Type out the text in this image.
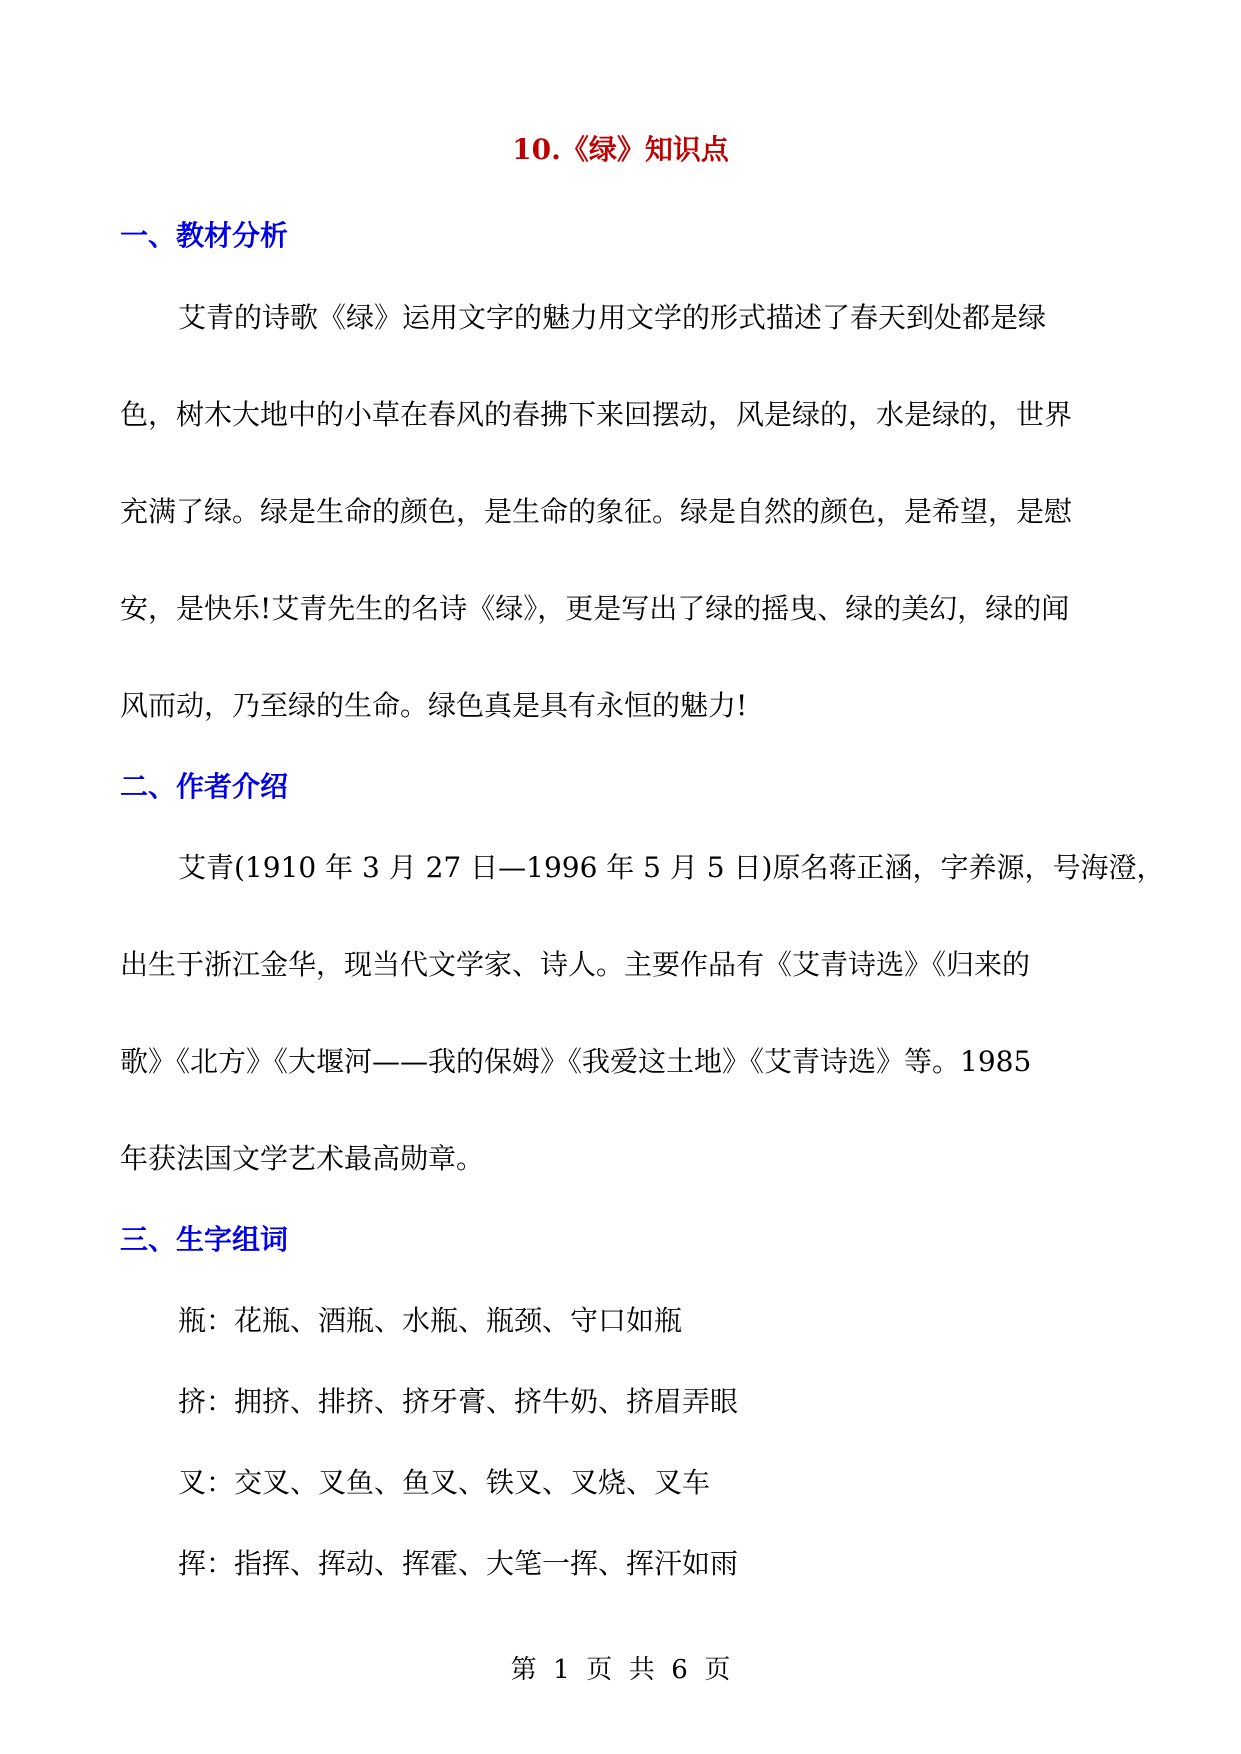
10.《绿》知识点
一、教材分析

艾青的诗歌《绿》运用文字的魅力用文学的形式描述了春天到处都是绿

色，树木大地中的小草在春风的春拂下来回摆动，风是绿的，水是绿的，世界

充满了绿。绿是生命的颜色，是生命的象征。绿是自然的颜色，是希望，是慰

安，是快乐!艾青先生的名诗《绿》，更是写出了绿的摇曳、绿的美幻，绿的闻

风而动，乃至绿的生命。绿色真是具有永恒的魅力!

二、作者介绍

艾青(1910 年 3 月 27 日—1996 年 5 月 5 日)原名蒋正涵，字养源，号海澄，

出生于浙江金华，现当代文学家、诗人。主要作品有《艾青诗选》《归来的

歌》《北方》《大堰河——我的保姆》《我爱这土地》《艾青诗选》等。1985

年获法国文学艺术最高勋章。

三、生字组词

瓶：花瓶、酒瓶、水瓶、瓶颈、守口如瓶

挤：拥挤、排挤、挤牙膏、挤牛奶、挤眉弄眼

叉：交叉、叉鱼、鱼叉、铁叉、叉烧、叉车

挥：指挥、挥动、挥霍、大笔一挥、挥汗如雨

第  1  页  共  6  页
